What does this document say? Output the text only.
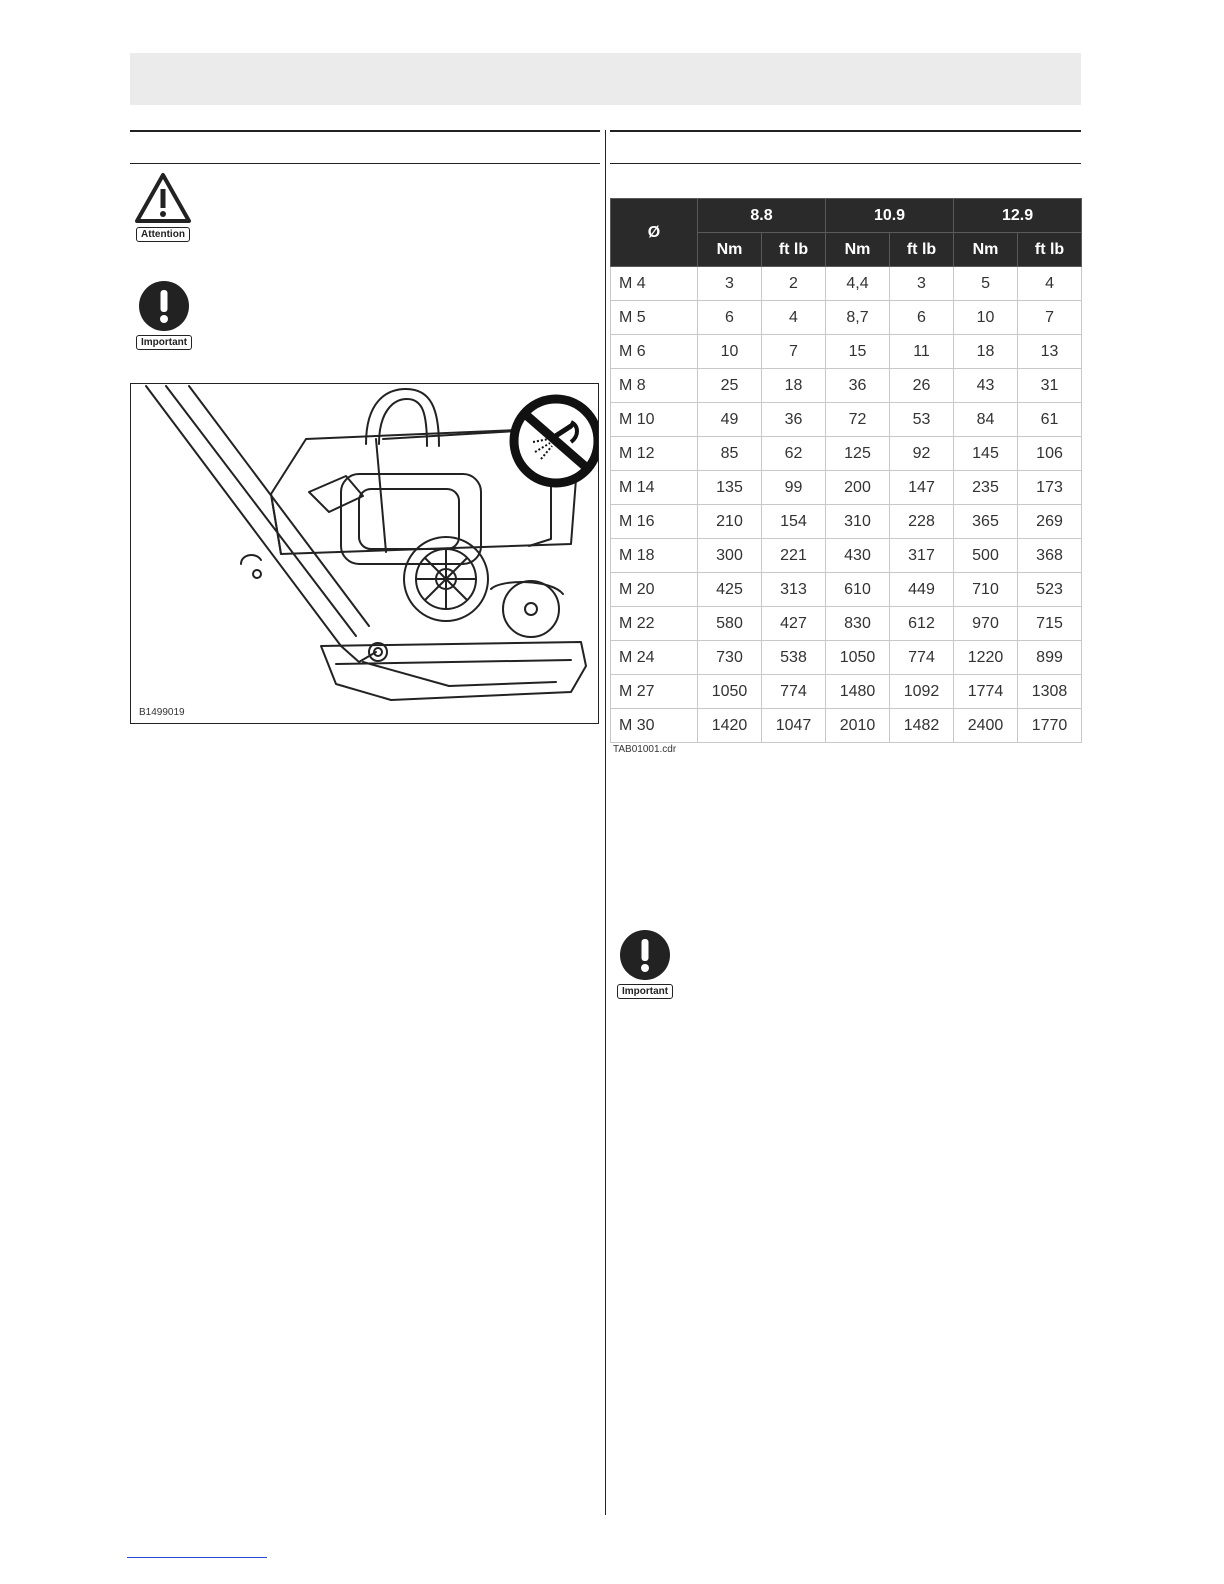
Attention
Important
B1499019
Ø	8.8		10.9		12.9	
	Nm	ft lb	Nm	ft lb	Nm	ft lb
M 4	3	2	4,4	3	5	4
M 5	6	4	8,7	6	10	7
M 6	10	7	15	11	18	13
M 8	25	18	36	26	43	31
M 10	49	36	72	53	84	61
M 12	85	62	125	92	145	106
M 14	135	99	200	147	235	173
M 16	210	154	310	228	365	269
M 18	300	221	430	317	500	368
M 20	425	313	610	449	710	523
M 22	580	427	830	612	970	715
M 24	730	538	1050	774	1220	899
M 27	1050	774	1480	1092	1774	1308
M 30	1420	1047	2010	1482	2400	1770
TAB01001.cdr
Important
